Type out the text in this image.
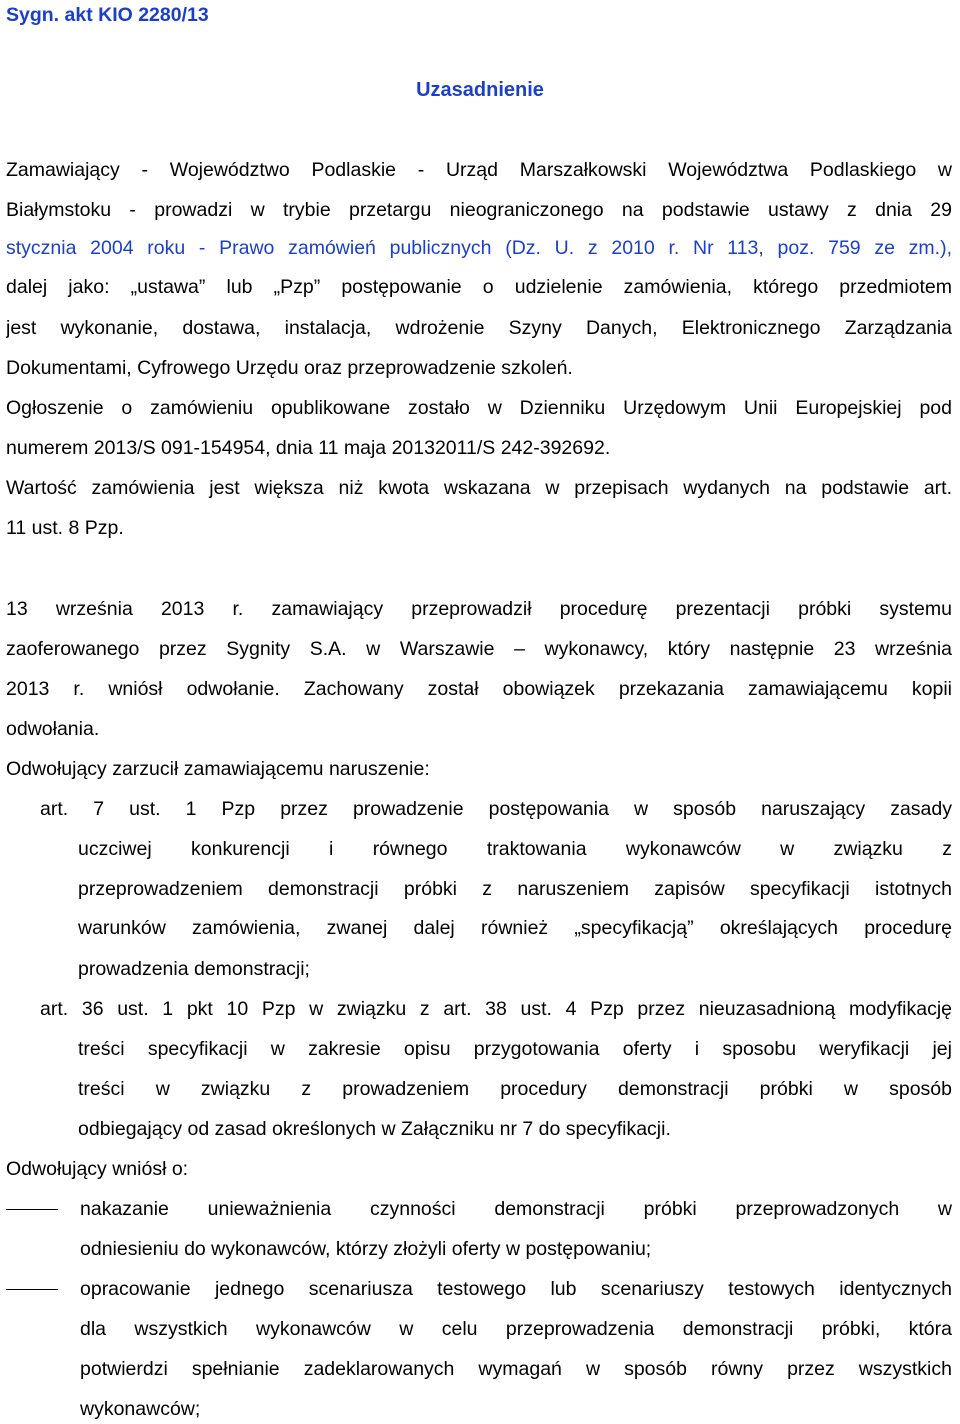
Sygn. akt KIO 2280/13
Uzasadnienie
Zamawiający - Województwo Podlaskie - Urząd Marszałkowski Województwa Podlaskiego w
Białymstoku - prowadzi w trybie przetargu nieograniczonego na podstawie ustawy z dnia 29
stycznia 2004 roku - Prawo zamówień publicznych (Dz. U. z 2010 r. Nr 113, poz. 759 ze zm.),
dalej jako: „ustawa” lub „Pzp” postępowanie o udzielenie zamówienia, którego przedmiotem
jest wykonanie, dostawa, instalacja, wdrożenie Szyny Danych, Elektronicznego Zarządzania
Dokumentami, Cyfrowego Urzędu oraz przeprowadzenie szkoleń.
Ogłoszenie o zamówieniu opublikowane zostało w Dzienniku Urzędowym Unii Europejskiej pod
numerem 2013/S 091-154954, dnia 11 maja 20132011/S 242-392692.
Wartość zamówienia jest większa niż kwota wskazana w przepisach wydanych na podstawie art.
11 ust. 8 Pzp.
13 września 2013 r. zamawiający przeprowadził procedurę prezentacji próbki systemu
zaoferowanego przez Sygnity S.A. w Warszawie – wykonawcy, który następnie 23 września
2013 r. wniósł odwołanie. Zachowany został obowiązek przekazania zamawiającemu kopii
odwołania.
Odwołujący zarzucił zamawiającemu naruszenie:
art. 7 ust. 1 Pzp przez prowadzenie postępowania w sposób naruszający zasady
uczciwej konkurencji i równego traktowania wykonawców w związku z
przeprowadzeniem demonstracji próbki z naruszeniem zapisów specyfikacji istotnych
warunków zamówienia, zwanej dalej również „specyfikacją” określających procedurę
prowadzenia demonstracji;
art. 36 ust. 1 pkt 10 Pzp w związku z art. 38 ust. 4 Pzp przez nieuzasadnioną modyfikację
treści specyfikacji w zakresie opisu przygotowania oferty i sposobu weryfikacji jej
treści w związku z prowadzeniem procedury demonstracji próbki w sposób
odbiegający od zasad określonych w Załączniku nr 7 do specyfikacji.
Odwołujący wniósł o:
nakazanie unieważnienia czynności demonstracji próbki przeprowadzonych w
odniesieniu do wykonawców, którzy złożyli oferty w postępowaniu;
opracowanie jednego scenariusza testowego lub scenariuszy testowych identycznych
dla wszystkich wykonawców w celu przeprowadzenia demonstracji próbki, która
potwierdzi spełnianie zadeklarowanych wymagań w sposób równy przez wszystkich
wykonawców;
